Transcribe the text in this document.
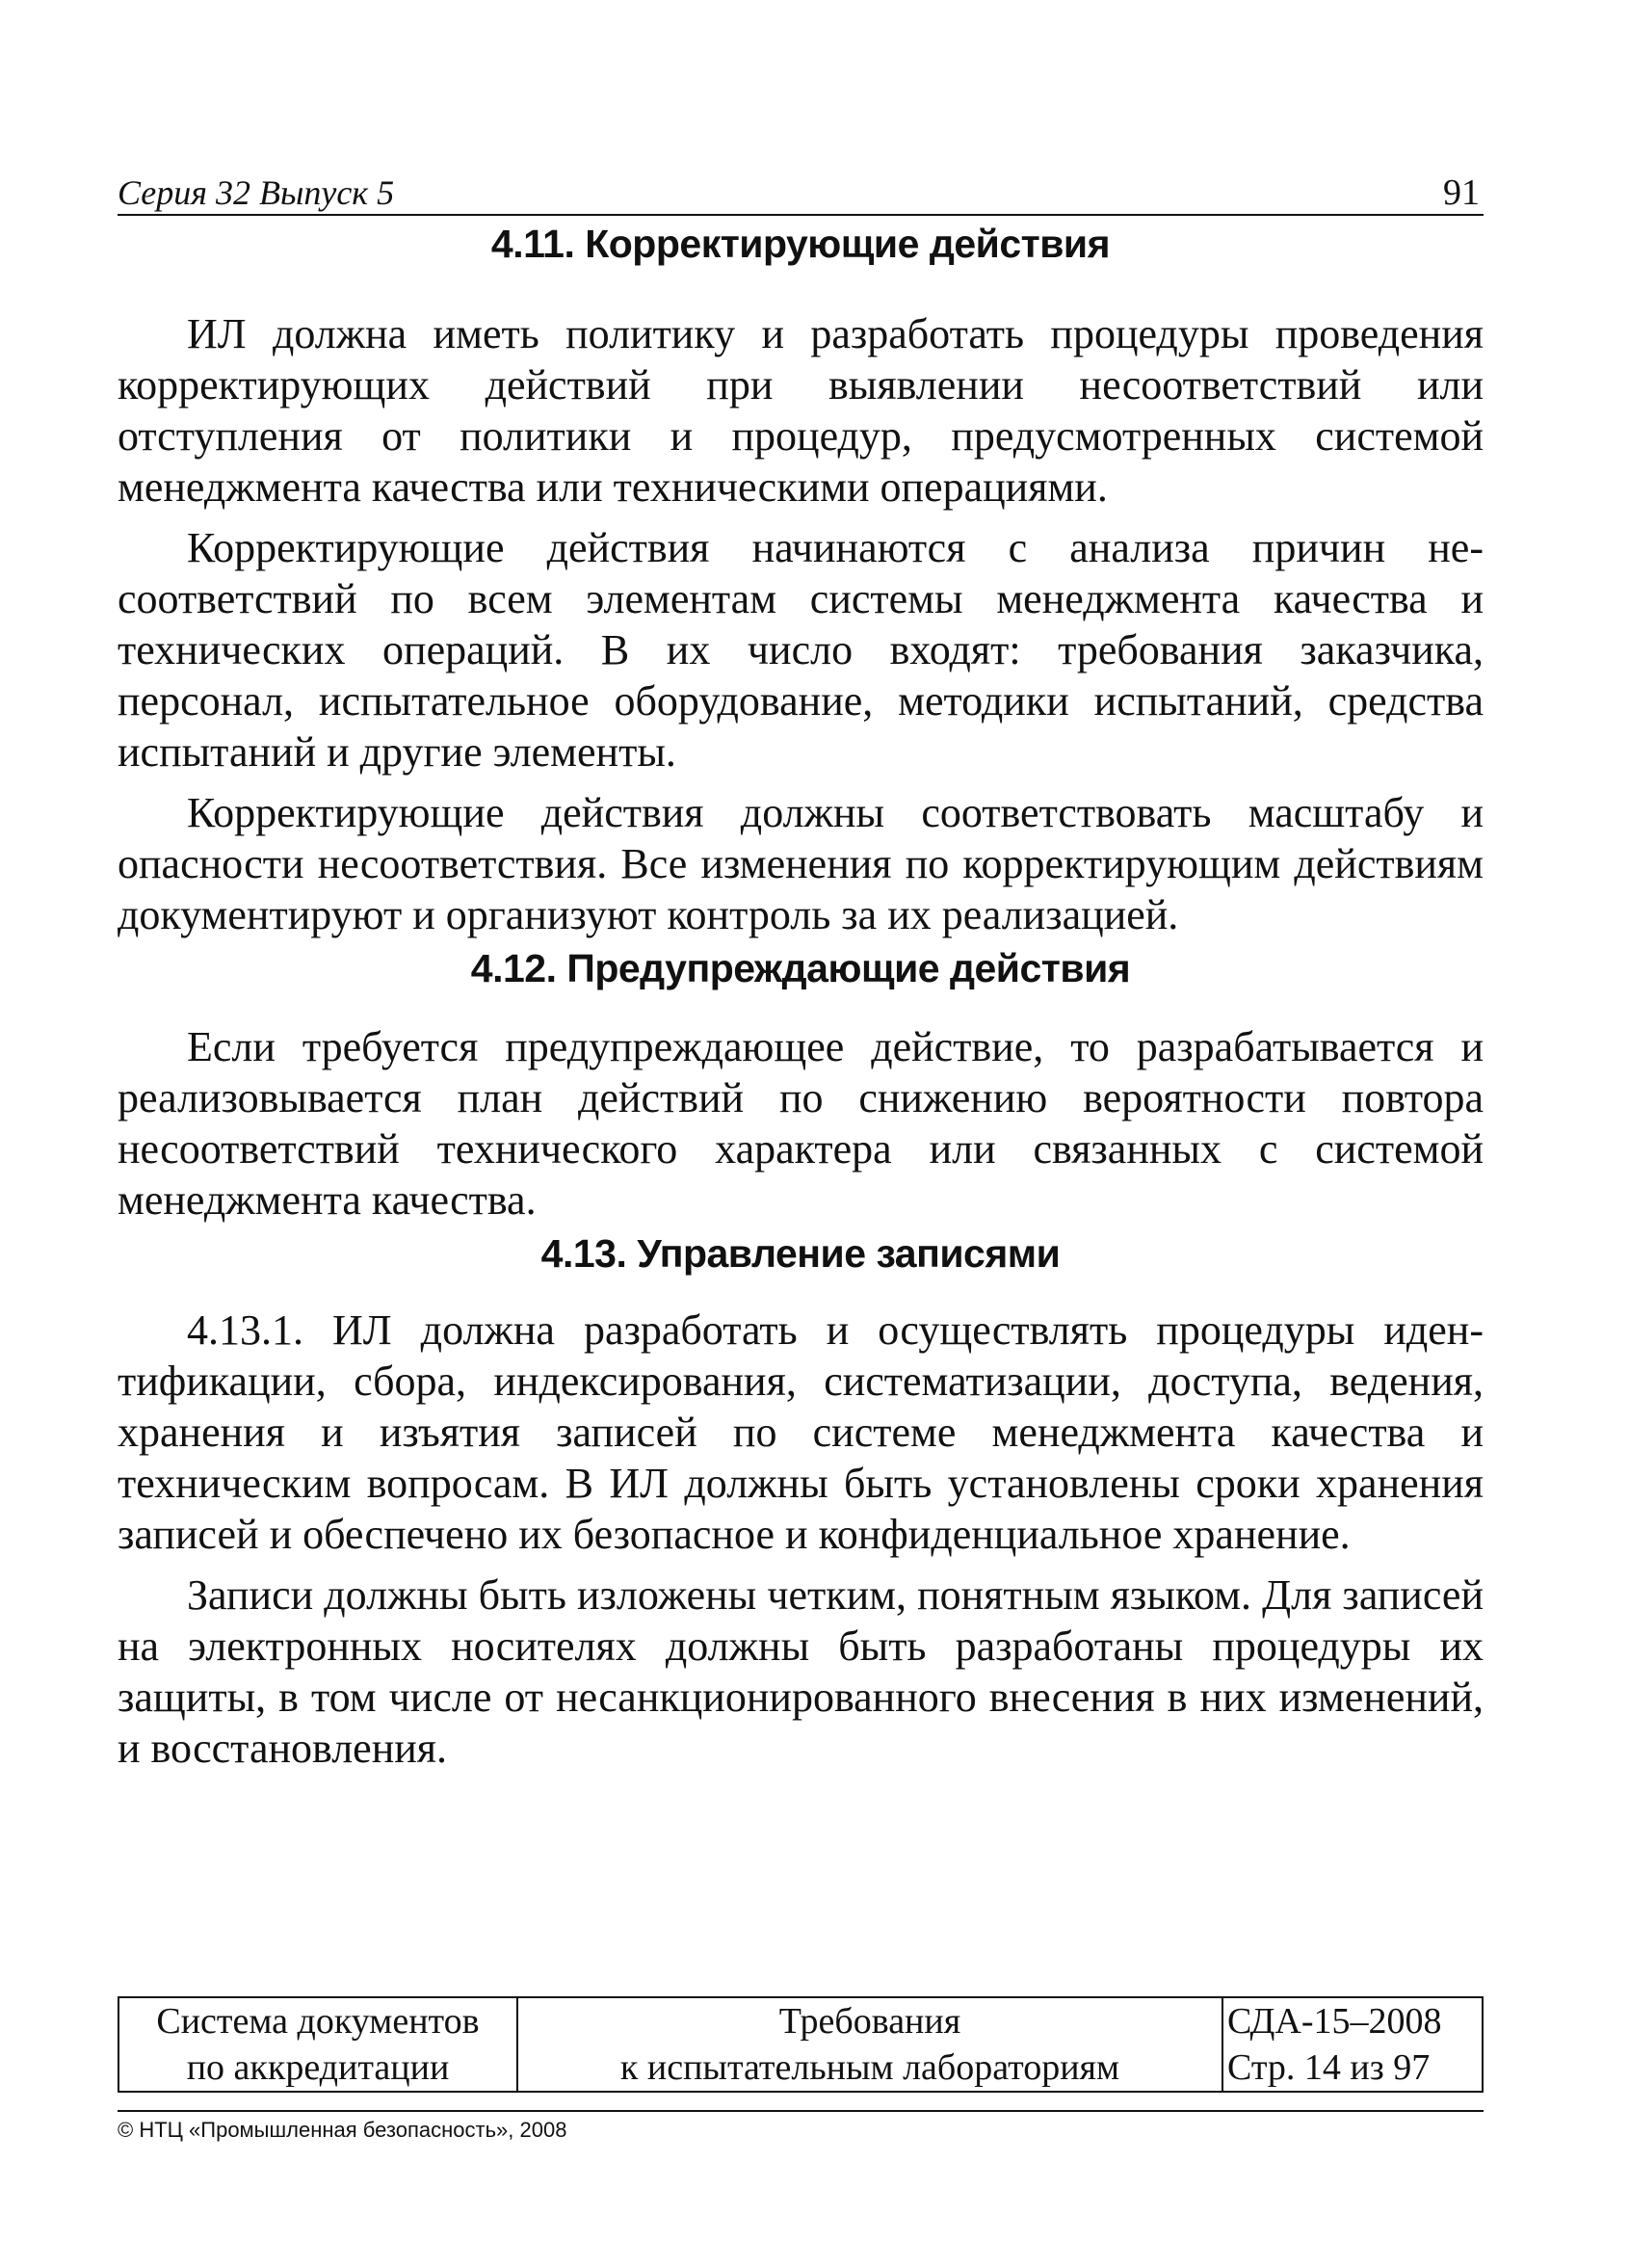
Серия 32 Выпуск 5	91
4.11. Корректирующие действия

ИЛ должна иметь политику и разработать процедуры проведения корректирующих действий при выявлении несоответствий или отступления от политики и процедур, предусмотренных системой менеджмента качества или техническими операциями.

Корректирующие действия начинаются с анализа причин несоответствий по всем элементам системы менеджмента качества и технических операций. В их число входят: требования заказчика, персонал, испытательное оборудование, методики испытаний, средства испытаний и другие элементы.

Корректирующие действия должны соответствовать масштабу и опасности несоответствия. Все изменения по корректирующим действиям документируют и организуют контроль за их реализацией.

4.12. Предупреждающие действия

Если требуется предупреждающее действие, то разрабатывается и реализовывается план действий по снижению вероятности повтора несоответствий технического характера или связанных с системой менеджмента качества.

4.13. Управление записями

4.13.1. ИЛ должна разработать и осуществлять процедуры идентификации, сбора, индексирования, систематизации, доступа, ведения, хранения и изъятия записей по системе менеджмента качества и техническим вопросам. В ИЛ должны быть установлены сроки хранения записей и обеспечено их безопасное и конфиденциальное хранение.

Записи должны быть изложены четким, понятным языком. Для записей на электронных носителях должны быть разработаны процедуры их защиты, в том числе от несанкционированного внесения в них изменений, и восстановления.

Система документов
по аккредитации

Требования
к испытательным лабораториям

СДА-15–2008
Стр. 14 из 97
© НТЦ «Промышленная безопасность», 2008
